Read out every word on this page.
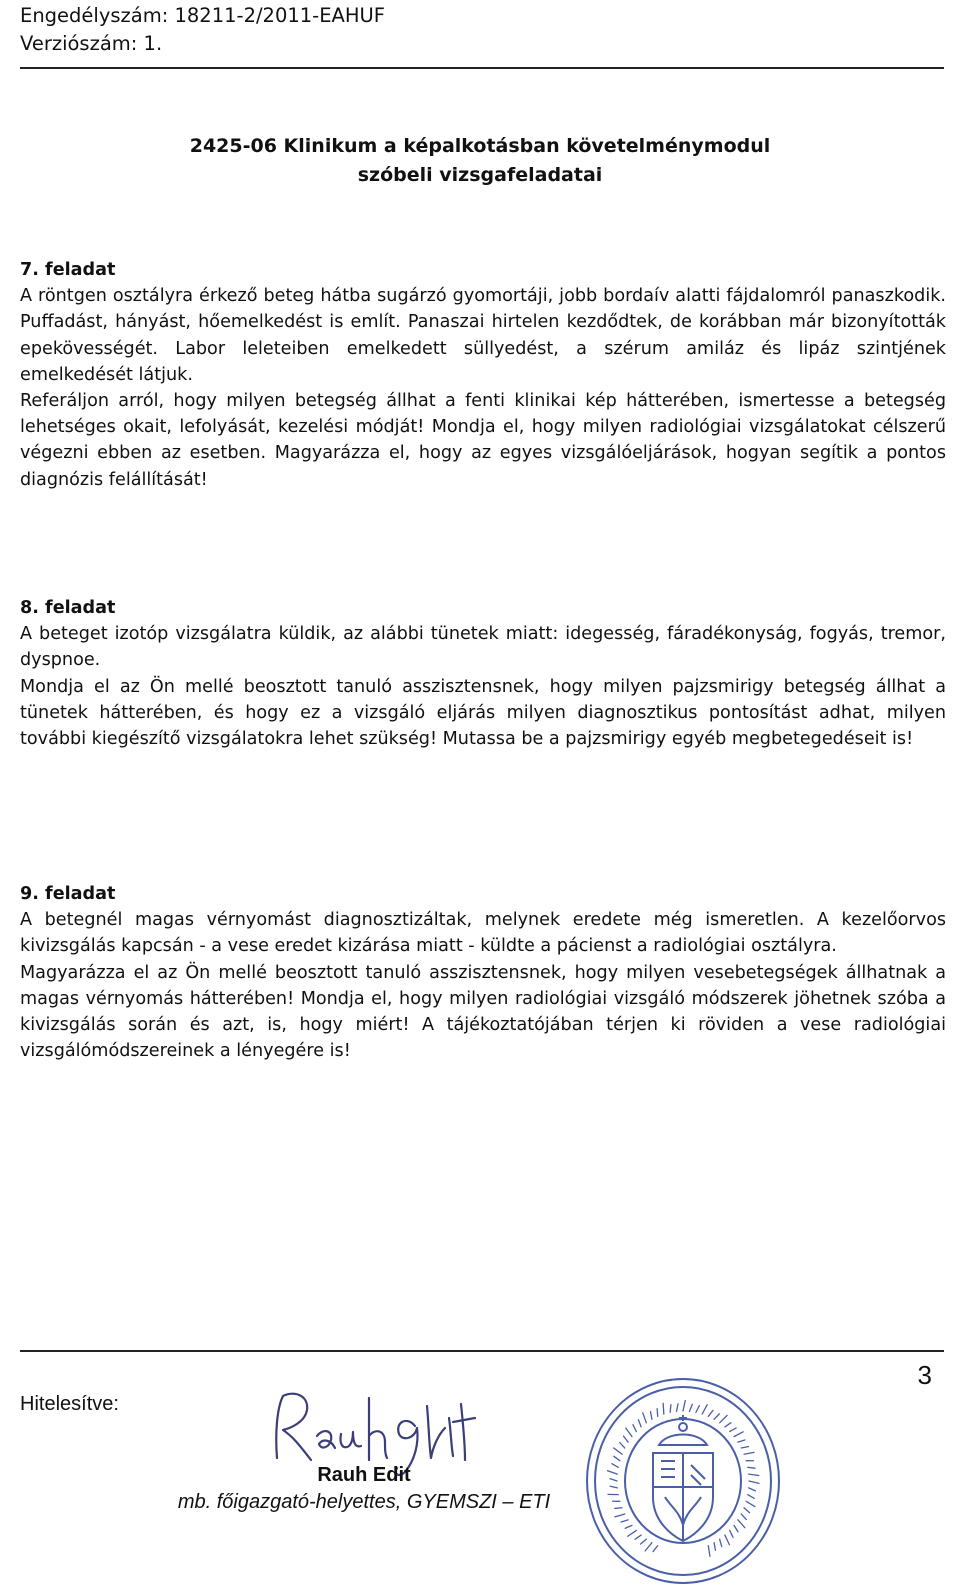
Engedélyszám: 18211-2/2011-EAHUF
Verziószám: 1.
2425-06 Klinikum a képalkotásban követelménymodul
szóbeli vizsgafeladatai

7. feladat

A röntgen osztályra érkező beteg hátba sugárzó gyomortáji, jobb bordaív alatti fájdalomról panaszkodik. Puffadást, hányást, hőemelkedést is említ. Panaszai hirtelen kezdődtek, de korábban már bizonyították epekövességét. Labor leleteiben emelkedett süllyedést, a szérum amiláz és lipáz szintjének emelkedését látjuk.

Referáljon arról, hogy milyen betegség állhat a fenti klinikai kép hátterében, ismertesse a betegség lehetséges okait, lefolyását, kezelési módját! Mondja el, hogy milyen radiológiai vizsgálatokat célszerű végezni ebben az esetben. Magyarázza el, hogy az egyes vizsgálóeljárások, hogyan segítik a pontos diagnózis felállítását!

8. feladat

A beteget izotóp vizsgálatra küldik, az alábbi tünetek miatt: idegesség, fáradékonyság, fogyás, tremor, dyspnoe.

Mondja el az Ön mellé beosztott tanuló asszisztensnek, hogy milyen pajzsmirigy betegség állhat a tünetek hátterében, és hogy ez a vizsgáló eljárás milyen diagnosztikus pontosítást adhat, milyen további kiegészítő vizsgálatokra lehet szükség! Mutassa be a pajzsmirigy egyéb megbetegedéseit is!

9. feladat

A betegnél magas vérnyomást diagnosztizáltak, melynek eredete még ismeretlen. A kezelőorvos kivizsgálás kapcsán - a vese eredet kizárása miatt - küldte a pácienst a radiológiai osztályra.

Magyarázza el az Ön mellé beosztott tanuló asszisztensnek, hogy milyen vesebetegségek állhatnak a magas vérnyomás hátterében! Mondja el, hogy milyen radiológiai vizsgáló módszerek jöhetnek szóba a kivizsgálás során és azt, is, hogy miért! A tájékoztatójában térjen ki röviden a vese radiológiai vizsgálómódszereinek a lényegére is!

3
Hitelesítve:
Rauh Edit
mb. főigazgató-helyettes, GYEMSZI – ETI
